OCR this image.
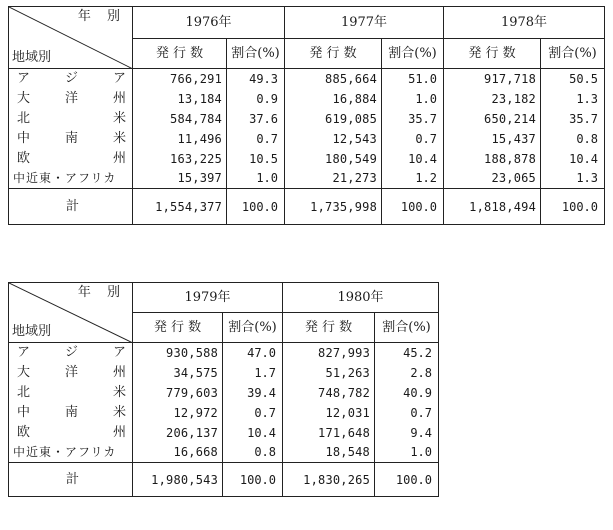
年 別
地域別	1976年		1977年		1978年	
	発 行 数	割合(%)	発 行 数	割合(%)	発 行 数	割合(%)

ア ジ ア	766,291	49.3	885,664	51.0	917,718	50.5

大 洋 州	13,184	0.9	16,884	1.0	23,182	1.3

北 米	584,784	37.6	619,085	35.7	650,214	35.7

中 南 米	11,496	0.7	12,543	0.7	15,437	0.8

欧 州	163,225	10.5	180,549	10.4	188,878	10.4

中近東・アフリカ	15,397	1.0	21,273	1.2	23,065	1.3
計	1,554,377	100.0	1,735,998	100.0	1,818,494	100.0
年 別
地域別	1979年		1980年	
	発 行 数	割合(%)	発 行 数	割合(%)

ア ジ ア	930,588	47.0	827,993	45.2

大 洋 州	34,575	1.7	51,263	2.8

北 米	779,603	39.4	748,782	40.9

中 南 米	12,972	0.7	12,031	0.7

欧 州	206,137	10.4	171,648	9.4

中近東・アフリカ	16,668	0.8	18,548	1.0
計	1,980,543	100.0	1,830,265	100.0
